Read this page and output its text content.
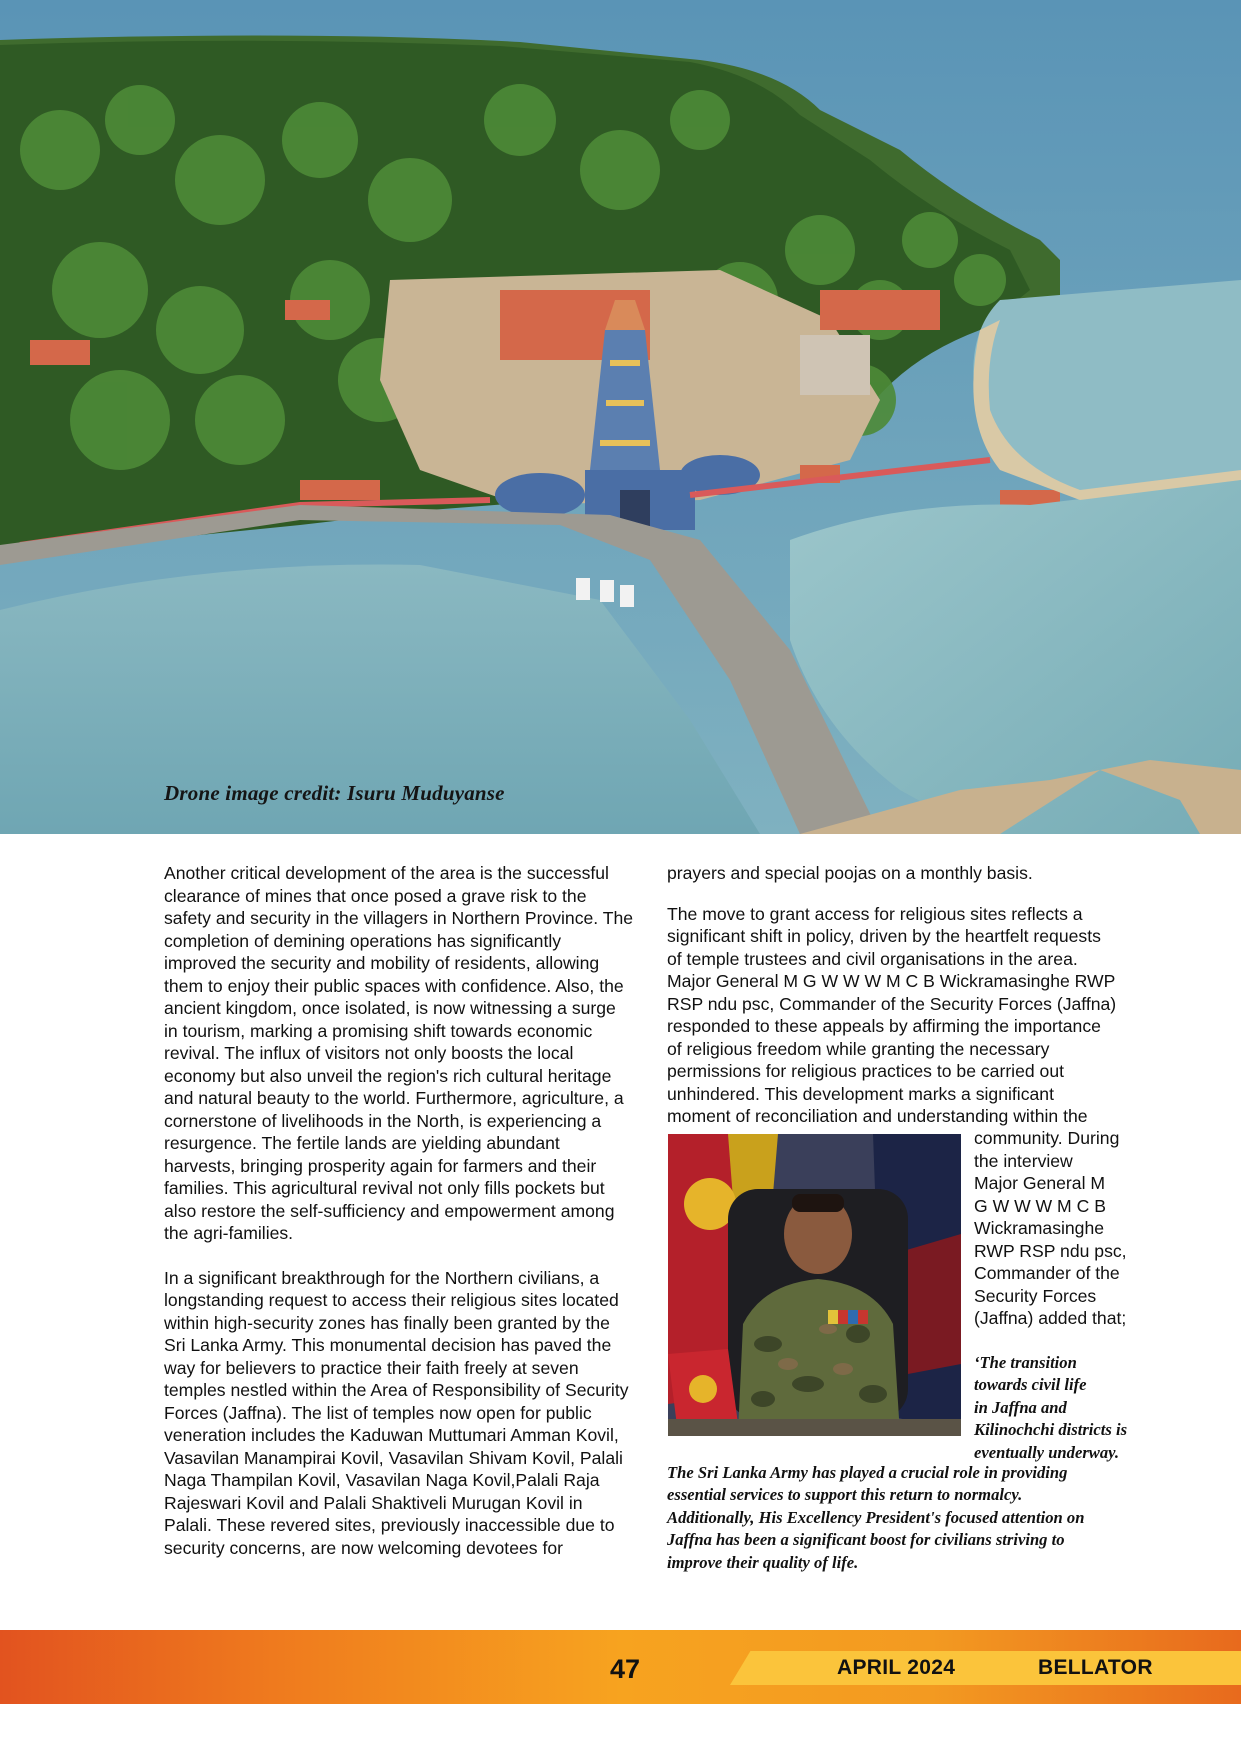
Drone image credit: Isuru Muduyanse

Another critical development of the area is the successful clearance of mines that once posed a grave risk to the safety and security in the villagers in Northern Province. The completion of demining operations has significantly improved the security and mobility of residents, allowing them to enjoy their public spaces with confidence. Also, the ancient kingdom, once isolated, is now witnessing a surge in tourism, marking a promising shift towards economic revival. The influx of visitors not only boosts the local economy but also unveil the region's rich cultural heritage and natural beauty to the world. Furthermore, agriculture, a cornerstone of livelihoods in the North, is experiencing a resurgence. The fertile lands are yielding abundant harvests, bringing prosperity again for farmers and their families. This agricultural revival not only fills pockets but also restore the self-sufficiency and empowerment among the agri-families.

In a significant breakthrough for the Northern civilians, a longstanding request to access their religious sites located within high-security zones has finally been granted by the Sri Lanka Army. This monumental decision has paved the way for believers to practice their faith freely at seven temples nestled within the Area of Responsibility of Security Forces (Jaffna). The list of temples now open for public veneration includes the Kaduwan Muttumari Amman Kovil, Vasavilan Manampirai Kovil, Vasavilan Shivam Kovil, Palali Naga Thampilan Kovil, Vasavilan Naga Kovil,Palali Raja Rajeswari Kovil and Palali Shaktiveli Murugan Kovil in Palali. These revered sites, previously inaccessible due to security concerns, are now welcoming devotees for

prayers and special poojas on a monthly basis.
The move to grant access for religious sites reflects a
significant shift in policy, driven by the heartfelt requests
of temple trustees and civil organisations in the area.
Major General M G W W W M C B Wickramasinghe RWP
RSP ndu psc, Commander of the Security Forces (Jaffna)
responded to these appeals by affirming the importance
of religious freedom while granting the necessary
permissions for religious practices to be carried out
unhindered. This development marks a significant
moment of reconciliation and understanding within the
community. During
the interview
Major General M
G W W W M C B
Wickramasinghe
RWP RSP ndu psc,
Commander of the
Security Forces
(Jaffna) added that;
‘The transition
towards civil life
in Jaffna and
Kilinochchi districts is
eventually underway.
The Sri Lanka Army has played a crucial role in providing
essential services to support this return to normalcy.
Additionally, His Excellency President's focused attention on
Jaffna has been a significant boost for civilians striving to
improve their quality of life.
47	APRIL 2024	BELLATOR
